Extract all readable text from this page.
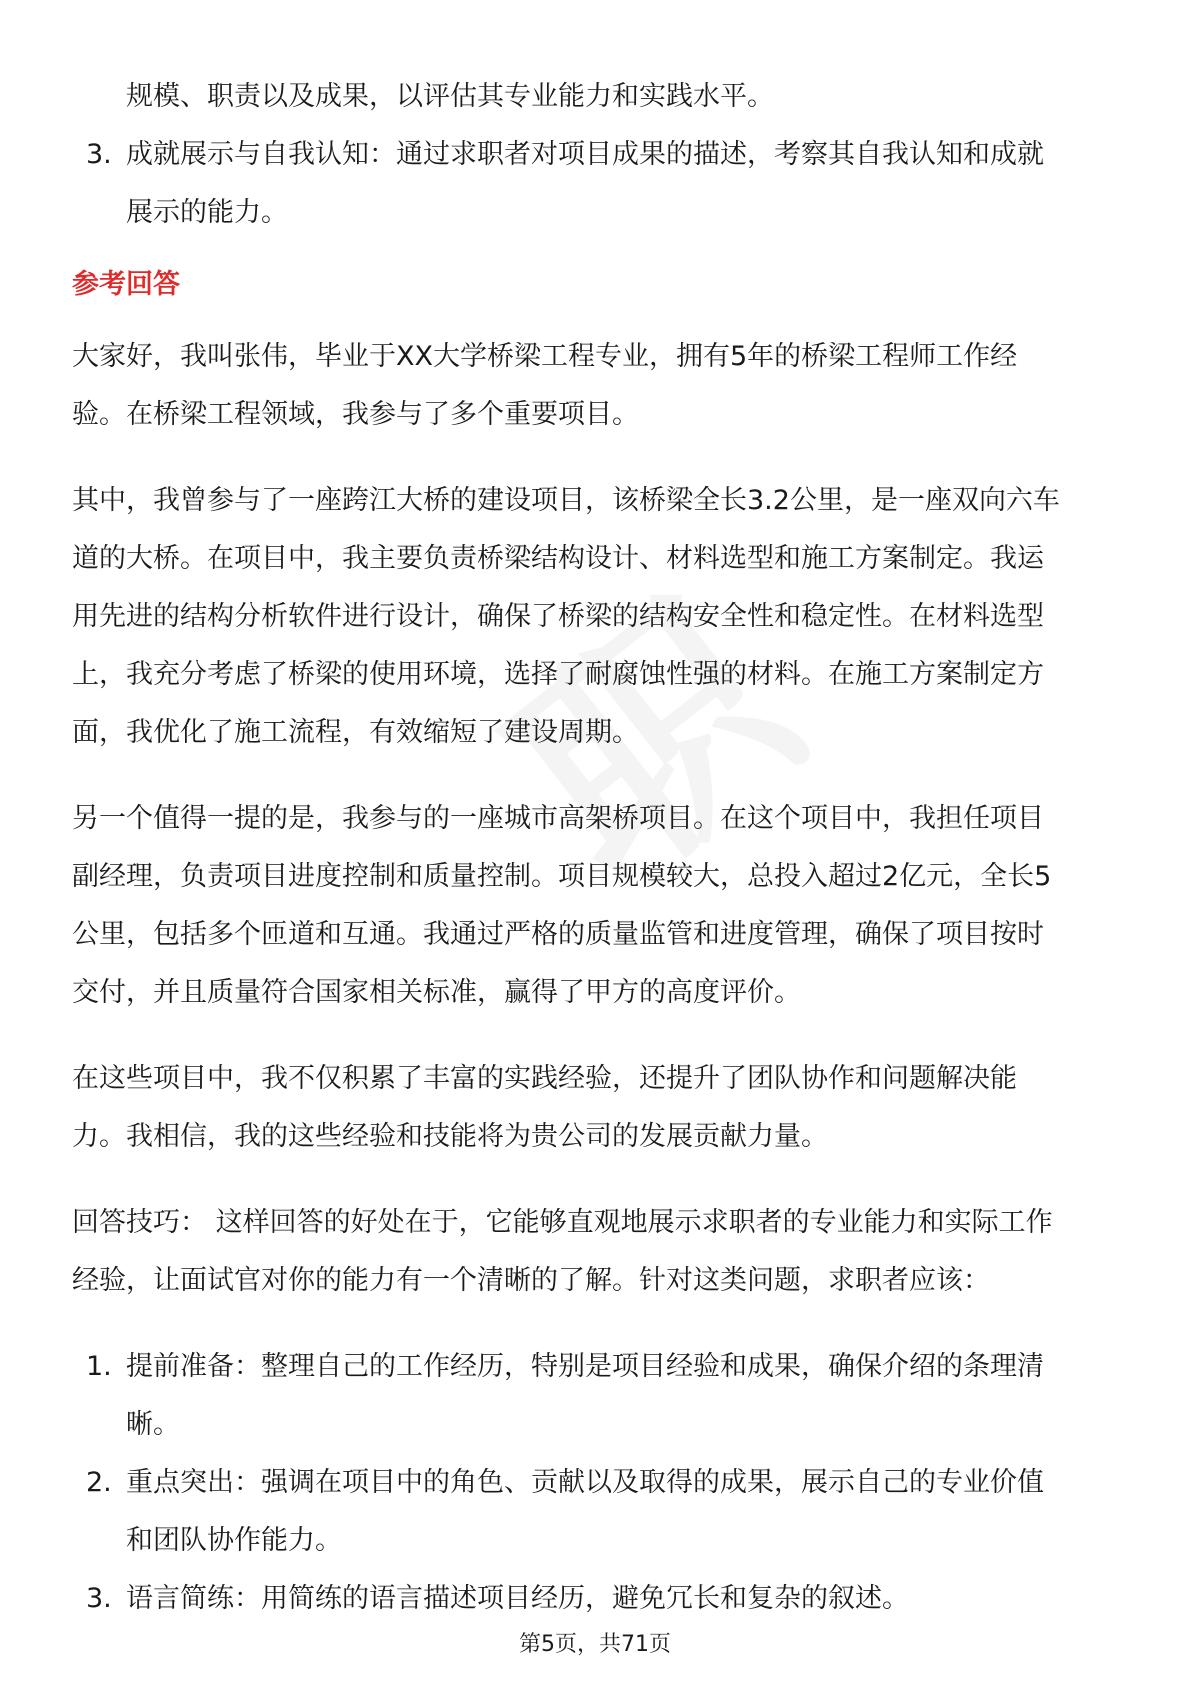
规模、职责以及成果，以评估其专业能力和实践水平。

3. 成就展示与自我认知：通过求职者对项目成果的描述，考察其自我认知和成就

展示的能力。

参考回答

大家好，我叫张伟，毕业于XX大学桥梁工程专业，拥有5年的桥梁工程师工作经

验。在桥梁工程领域，我参与了多个重要项目。

其中，我曾参与了一座跨江大桥的建设项目，该桥梁全长3.2公里，是一座双向六车

道的大桥。在项目中，我主要负责桥梁结构设计、材料选型和施工方案制定。我运

用先进的结构分析软件进行设计，确保了桥梁的结构安全性和稳定性。在材料选型

上，我充分考虑了桥梁的使用环境，选择了耐腐蚀性强的材料。在施工方案制定方

面，我优化了施工流程，有效缩短了建设周期。

另一个值得一提的是，我参与的一座城市高架桥项目。在这个项目中，我担任项目

副经理，负责项目进度控制和质量控制。项目规模较大，总投入超过2亿元，全长5

公里，包括多个匝道和互通。我通过严格的质量监管和进度管理，确保了项目按时

交付，并且质量符合国家相关标准，赢得了甲方的高度评价。

在这些项目中，我不仅积累了丰富的实践经验，还提升了团队协作和问题解决能

力。我相信，我的这些经验和技能将为贵公司的发展贡献力量。

回答技巧： 这样回答的好处在于，它能够直观地展示求职者的专业能力和实际工作

经验，让面试官对你的能力有一个清晰的了解。针对这类问题，求职者应该：

1. 提前准备：整理自己的工作经历，特别是项目经验和成果，确保介绍的条理清

晰。

2. 重点突出：强调在项目中的角色、贡献以及取得的成果，展示自己的专业价值

和团队协作能力。

3. 语言简练：用简练的语言描述项目经历，避免冗长和复杂的叙述。

第5页，共71页
